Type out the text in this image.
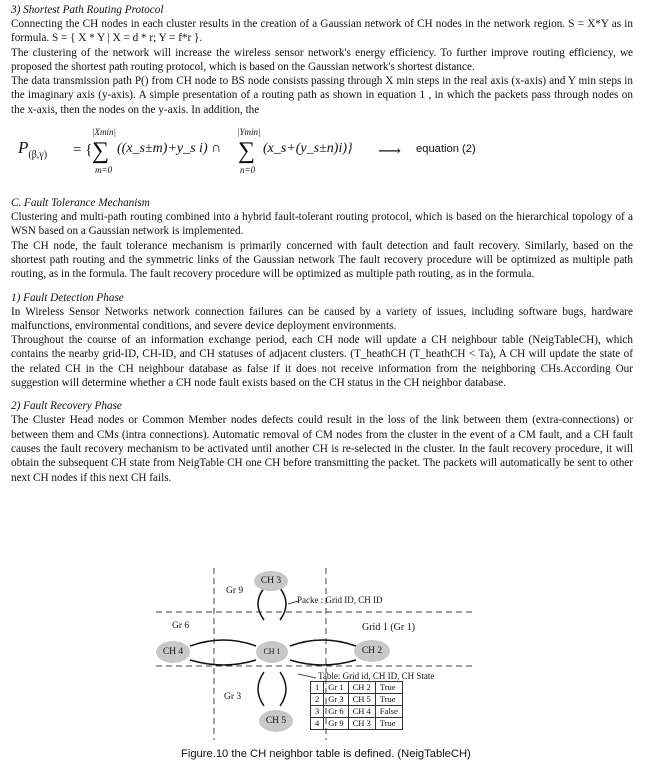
3) Shortest Path Routing Protocol

Connecting the CH nodes in each cluster results in the creation of a Gaussian network of CH nodes in the network region. S = X*Y as in formula. S = { X * Y | X = d * r; Y = f*r }.

The clustering of the network will increase the wireless sensor network's energy efficiency. To further improve routing efficiency, we proposed the shortest path routing protocol, which is based on the Gaussian network's shortest distance.

The data transmission path P() from CH node to BS node consists passing through X min steps in the real axis (x-axis) and Y min steps in the imaginary axis (y-axis). A simple presentation of a routing path as shown in equation 1 , in which the packets pass through nodes on the x-axis, then the nodes on the y-axis. In addition, the

$P_{(\beta,\gamma)}$ = {
|Xmin|
∑
m=0
((x_s±m)+y_s i) ∩
|Ymin|
∑
n=0
(x_s+(y_s±n)i)} ⟶ equation (2)

C. Fault Tolerance Mechanism

Clustering and multi-path routing combined into a hybrid fault-tolerant routing protocol, which is based on the hierarchical topology of a WSN based on a Gaussian network is implemented.

The CH node, the fault tolerance mechanism is primarily concerned with fault detection and fault recovery. Similarly, based on the shortest path routing and the symmetric links of the Gaussian network The fault recovery procedure will be optimized as multiple path routing, as in the formula. The fault recovery procedure will be optimized as multiple path routing, as in the formula.

1) Fault Detection Phase

In Wireless Sensor Networks network connection failures can be caused by a variety of issues, including software bugs, hardware malfunctions, environmental conditions, and severe device deployment environments.

Throughout the course of an information exchange period, each CH node will update a CH neighbour table (NeigTableCH), which contains the nearby grid-ID, CH-ID, and CH statuses of adjacent clusters. (T_heathCH (T_heathCH < Ta), A CH will update the state of the related CH in the CH neighbour database as false if it does not receive information from the neighboring CHs.According Our suggestion will determine whether a CH node fault exists based on the CH status in the CH neighbor database.

2) Fault Recovery Phase

The Cluster Head nodes or Common Member nodes defects could result in the loss of the link between them (extra-connections) or between them and CMs (intra connections). Automatic removal of CM nodes from the cluster in the event of a CM fault, and a CH fault causes the fault recovery mechanism to be activated until another CH is re-selected in the cluster. In the fault recovery procedure, it will obtain the subsequent CH state from NeigTable CH one CH before transmitting the packet. The packets will automatically be sent to other next CH nodes if this next CH fails.

CH 3
CH 1
CH 4	CH 2
CH 5
Gr 9
Gr 6
Gr 3
Grid 1 (Gr 1)
Packe : Grid ID, CH ID
Table: Grid id, CH ID, CH State
1	Gr 1	CH 2	True
2	Gr 3	CH 5	True
3	Gr 6	CH 4	False
4	Gr 9	CH 3	True
Figure.10 the CH neighbor table is defined. (NeigTableCH)
